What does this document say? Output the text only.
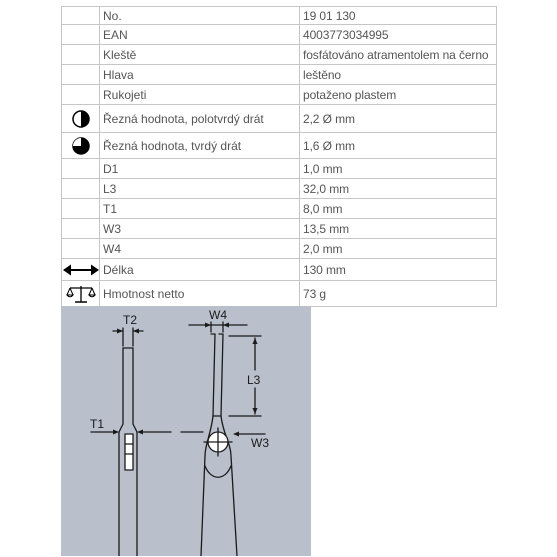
	No.	19 01 130
	EAN	4003773034995
	Kleště	fosfátováno atramentolem na černo
	Hlava	leštěno
	Rukojeti	potaženo plastem

	Řezná hodnota, polotvrdý drát	2,2 Ø mm

	Řezná hodnota, tvrdý drát	1,6 Ø mm
	D1	1,0 mm
	L3	32,0 mm
	T1	8,0 mm
	W3	13,5 mm
	W4	2,0 mm

	Délka	130 mm

	Hmotnost netto	73 g
T2	W4
L3
T1
W3
